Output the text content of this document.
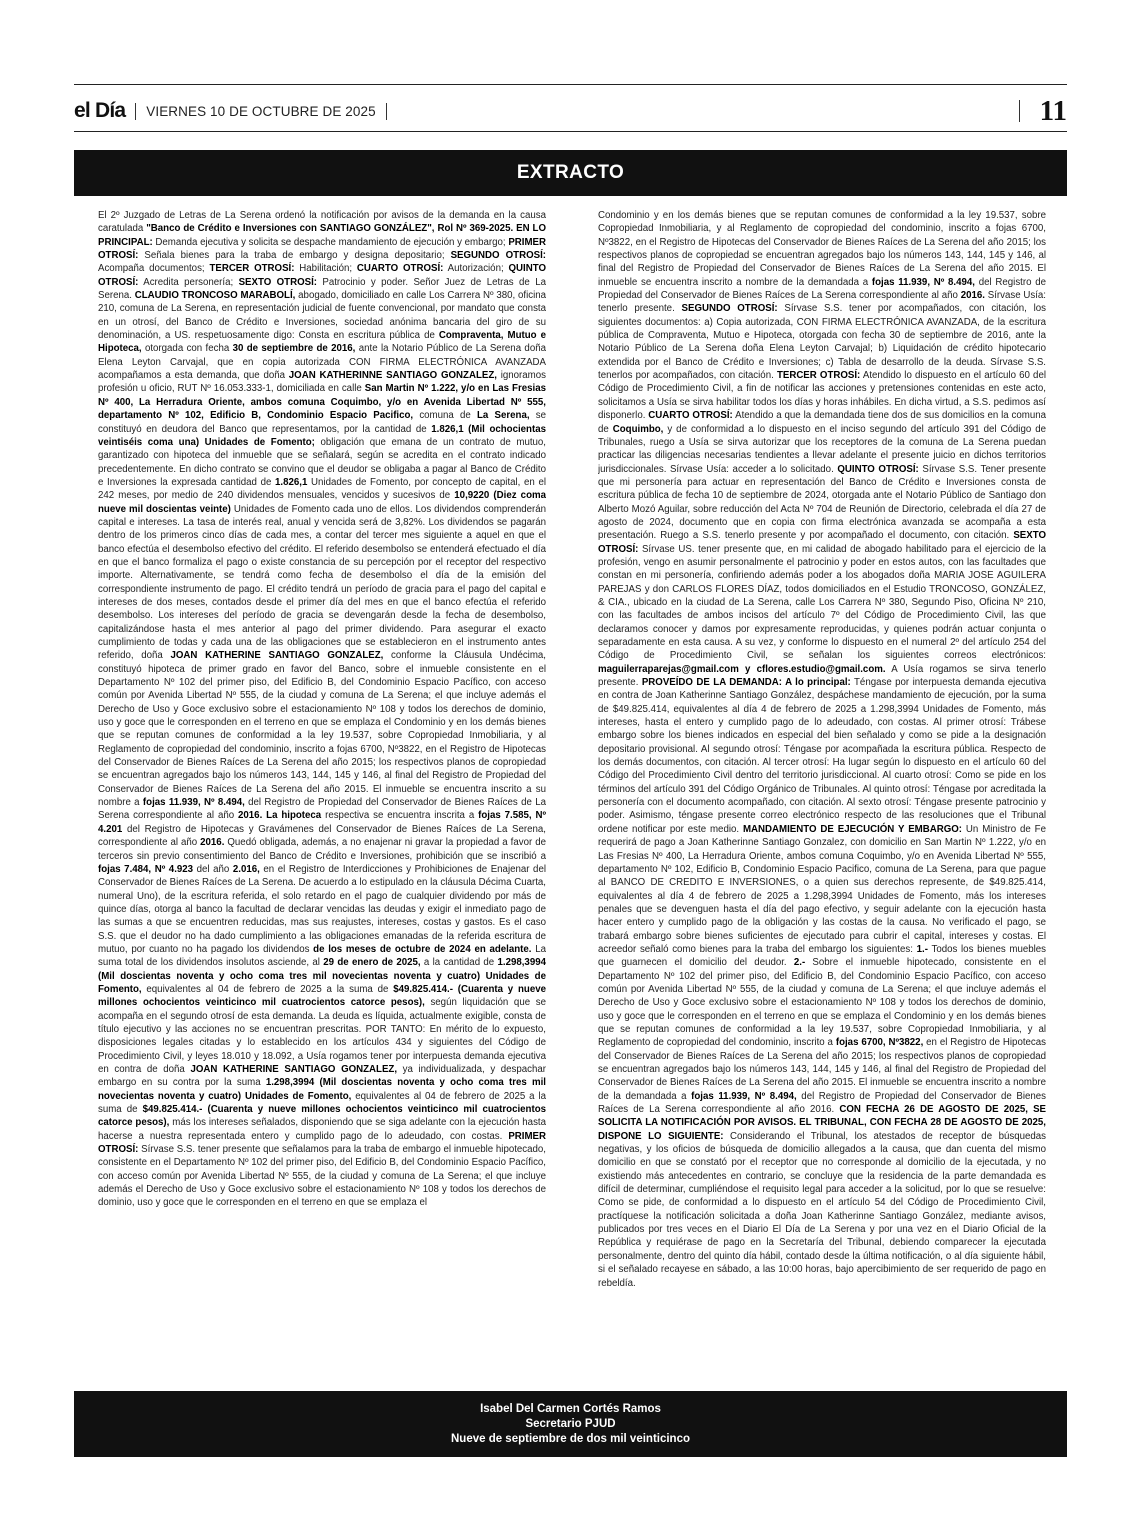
el Día VIERNES 10 DE OCTUBRE DE 2025	11
EXTRACTO

El 2º Juzgado de Letras de La Serena ordenó la notificación por avisos de la demanda en la causa caratulada "Banco de Crédito e Inversiones con SANTIAGO GONZÁLEZ", Rol Nº 369-2025. EN LO PRINCIPAL: Demanda ejecutiva y solicita se despache mandamiento de ejecución y embargo; PRIMER OTROSÍ: Señala bienes para la traba de embargo y designa depositario; SEGUNDO OTROSÍ: Acompaña documentos; TERCER OTROSÍ: Habilitación; CUARTO OTROSÍ: Autorización; QUINTO OTROSÍ: Acredita personería; SEXTO OTROSÍ: Patrocinio y poder. Señor Juez de Letras de La Serena. CLAUDIO TRONCOSO MARABOLÍ, abogado, domiciliado en calle Los Carrera Nº 380, oficina 210, comuna de La Serena, en representación judicial de fuente convencional, por mandato que consta en un otrosí, del Banco de Crédito e Inversiones, sociedad anónima bancaria del giro de su denominación, a US. respetuosamente digo: Consta en escritura pública de Compraventa, Mutuo e Hipoteca, otorgada con fecha 30 de septiembre de 2016, ante la Notario Público de La Serena doña Elena Leyton Carvajal, que en copia autorizada CON FIRMA ELECTRÓNICA AVANZADA acompañamos a esta demanda, que doña JOAN KATHERINNE SANTIAGO GONZALEZ, ignoramos profesión u oficio, RUT Nº 16.053.333-1, domiciliada en calle San Martin Nº 1.222, y/o en Las Fresias Nº 400, La Herradura Oriente, ambos comuna Coquimbo, y/o en Avenida Libertad Nº 555, departamento Nº 102, Edificio B, Condominio Espacio Pacifico, comuna de La Serena, se constituyó en deudora del Banco que representamos, por la cantidad de 1.826,1 (Mil ochocientas veintiséis coma una) Unidades de Fomento; obligación que emana de un contrato de mutuo, garantizado con hipoteca del inmueble que se señalará, según se acredita en el contrato indicado precedentemente. En dicho contrato se convino que el deudor se obligaba a pagar al Banco de Crédito e Inversiones la expresada cantidad de 1.826,1 Unidades de Fomento, por concepto de capital, en el 242 meses, por medio de 240 dividendos mensuales, vencidos y sucesivos de 10,9220 (Diez coma nueve mil doscientas veinte) Unidades de Fomento cada uno de ellos. Los dividendos comprenderán capital e intereses. La tasa de interés real, anual y vencida será de 3,82%. Los dividendos se pagarán dentro de los primeros cinco días de cada mes, a contar del tercer mes siguiente a aquel en que el banco efectúa el desembolso efectivo del crédito. El referido desembolso se entenderá efectuado el día en que el banco formaliza el pago o existe constancia de su percepción por el receptor del respectivo importe. Alternativamente, se tendrá como fecha de desembolso el día de la emisión del correspondiente instrumento de pago. El crédito tendrá un período de gracia para el pago del capital e intereses de dos meses, contados desde el primer día del mes en que el banco efectúa el referido desembolso. Los intereses del período de gracia se devengarán desde la fecha de desembolso, capitalizándose hasta el mes anterior al pago del primer dividendo. Para asegurar el exacto cumplimiento de todas y cada una de las obligaciones que se establecieron en el instrumento antes referido, doña JOAN KATHERINE SANTIAGO GONZALEZ, conforme la Cláusula Undécima, constituyó hipoteca de primer grado en favor del Banco, sobre el inmueble consistente en el Departamento Nº 102 del primer piso, del Edificio B, del Condominio Espacio Pacífico, con acceso común por Avenida Libertad Nº 555, de la ciudad y comuna de La Serena; el que incluye además el Derecho de Uso y Goce exclusivo sobre el estacionamiento Nº 108 y todos los derechos de dominio, uso y goce que le corresponden en el terreno en que se emplaza el Condominio y en los demás bienes que se reputan comunes de conformidad a la ley 19.537, sobre Copropiedad Inmobiliaria, y al Reglamento de copropiedad del condominio, inscrito a fojas 6700, Nº3822, en el Registro de Hipotecas del Conservador de Bienes Raíces de La Serena del año 2015; los respectivos planos de copropiedad se encuentran agregados bajo los números 143, 144, 145 y 146, al final del Registro de Propiedad del Conservador de Bienes Raíces de La Serena del año 2015. El inmueble se encuentra inscrito a su nombre a fojas 11.939, Nº 8.494, del Registro de Propiedad del Conservador de Bienes Raíces de La Serena correspondiente al año 2016. La hipoteca respectiva se encuentra inscrita a fojas 7.585, Nº 4.201 del Registro de Hipotecas y Gravámenes del Conservador de Bienes Raíces de La Serena, correspondiente al año 2016. Quedó obligada, además, a no enajenar ni gravar la propiedad a favor de terceros sin previo consentimiento del Banco de Crédito e Inversiones, prohibición que se inscribió a fojas 7.484, Nº 4.923 del año 2.016, en el Registro de Interdicciones y Prohibiciones de Enajenar del Conservador de Bienes Raíces de La Serena. De acuerdo a lo estipulado en la cláusula Décima Cuarta, numeral Uno), de la escritura referida, el solo retardo en el pago de cualquier dividendo por más de quince días, otorga al banco la facultad de declarar vencidas las deudas y exigir el inmediato pago de las sumas a que se encuentren reducidas, mas sus reajustes, intereses, costas y gastos. Es el caso S.S. que el deudor no ha dado cumplimiento a las obligaciones emanadas de la referida escritura de mutuo, por cuanto no ha pagado los dividendos de los meses de octubre de 2024 en adelante. La suma total de los dividendos insolutos asciende, al 29 de enero de 2025, a la cantidad de 1.298,3994 (Mil doscientas noventa y ocho coma tres mil novecientas noventa y cuatro) Unidades de Fomento, equivalentes al 04 de febrero de 2025 a la suma de $49.825.414.- (Cuarenta y nueve millones ochocientos veinticinco mil cuatrocientos catorce pesos), según liquidación que se acompaña en el segundo otrosí de esta demanda. La deuda es líquida, actualmente exigible, consta de título ejecutivo y las acciones no se encuentran prescritas. POR TANTO: En mérito de lo expuesto, disposiciones legales citadas y lo establecido en los artículos 434 y siguientes del Código de Procedimiento Civil, y leyes 18.010 y 18.092, a Usía rogamos tener por interpuesta demanda ejecutiva en contra de doña JOAN KATHERINE SANTIAGO GONZALEZ, ya individualizada, y despachar embargo en su contra por la suma 1.298,3994 (Mil doscientas noventa y ocho coma tres mil novecientas noventa y cuatro) Unidades de Fomento, equivalentes al 04 de febrero de 2025 a la suma de $49.825.414.- (Cuarenta y nueve millones ochocientos veinticinco mil cuatrocientos catorce pesos), más los intereses señalados, disponiendo que se siga adelante con la ejecución hasta hacerse a nuestra representada entero y cumplido pago de lo adeudado, con costas. PRIMER OTROSÍ: Sírvase S.S. tener presente que señalamos para la traba de embargo el inmueble hipotecado, consistente en el Departamento Nº 102 del primer piso, del Edificio B, del Condominio Espacio Pacífico, con acceso común por Avenida Libertad Nº 555, de la ciudad y comuna de La Serena; el que incluye además el Derecho de Uso y Goce exclusivo sobre el estacionamiento Nº 108 y todos los derechos de dominio, uso y goce que le corresponden en el terreno en que se emplaza el

Condominio y en los demás bienes que se reputan comunes de conformidad a la ley 19.537, sobre Copropiedad Inmobiliaria, y al Reglamento de copropiedad del condominio, inscrito a fojas 6700, Nº3822, en el Registro de Hipotecas del Conservador de Bienes Raíces de La Serena del año 2015; los respectivos planos de copropiedad se encuentran agregados bajo los números 143, 144, 145 y 146, al final del Registro de Propiedad del Conservador de Bienes Raíces de La Serena del año 2015. El inmueble se encuentra inscrito a nombre de la demandada a fojas 11.939, Nº 8.494, del Registro de Propiedad del Conservador de Bienes Raíces de La Serena correspondiente al año 2016. Sírvase Usía: tenerlo presente. SEGUNDO OTROSÍ: Sírvase S.S. tener por acompañados, con citación, los siguientes documentos: a) Copia autorizada, CON FIRMA ELECTRÓNICA AVANZADA, de la escritura pública de Compraventa, Mutuo e Hipoteca, otorgada con fecha 30 de septiembre de 2016, ante la Notario Público de La Serena doña Elena Leyton Carvajal; b) Liquidación de crédito hipotecario extendida por el Banco de Crédito e Inversiones; c) Tabla de desarrollo de la deuda. Sírvase S.S. tenerlos por acompañados, con citación. TERCER OTROSÍ: Atendido lo dispuesto en el artículo 60 del Código de Procedimiento Civil, a fin de notificar las acciones y pretensiones contenidas en este acto, solicitamos a Usía se sirva habilitar todos los días y horas inhábiles. En dicha virtud, a S.S. pedimos así disponerlo. CUARTO OTROSÍ: Atendido a que la demandada tiene dos de sus domicilios en la comuna de Coquimbo, y de conformidad a lo dispuesto en el inciso segundo del artículo 391 del Código de Tribunales, ruego a Usía se sirva autorizar que los receptores de la comuna de La Serena puedan practicar las diligencias necesarias tendientes a llevar adelante el presente juicio en dichos territorios jurisdiccionales. Sírvase Usía: acceder a lo solicitado. QUINTO OTROSÍ: Sírvase S.S. Tener presente que mi personería para actuar en representación del Banco de Crédito e Inversiones consta de escritura pública de fecha 10 de septiembre de 2024, otorgada ante el Notario Público de Santiago don Alberto Mozó Aguilar, sobre reducción del Acta Nº 704 de Reunión de Directorio, celebrada el día 27 de agosto de 2024, documento que en copia con firma electrónica avanzada se acompaña a esta presentación. Ruego a S.S. tenerlo presente y por acompañado el documento, con citación. SEXTO OTROSÍ: Sírvase US. tener presente que, en mi calidad de abogado habilitado para el ejercicio de la profesión, vengo en asumir personalmente el patrocinio y poder en estos autos, con las facultades que constan en mi personería, confiriendo además poder a los abogados doña MARIA JOSE AGUILERA PAREJAS y don CARLOS FLORES DÍAZ, todos domiciliados en el Estudio TRONCOSO, GONZÁLEZ, & CIA., ubicado en la ciudad de La Serena, calle Los Carrera Nº 380, Segundo Piso, Oficina Nº 210, con las facultades de ambos incisos del artículo 7º del Código de Procedimiento Civil, las que declaramos conocer y damos por expresamente reproducidas, y quienes podrán actuar conjunta o separadamente en esta causa. A su vez, y conforme lo dispuesto en el numeral 2º del artículo 254 del Código de Procedimiento Civil, se señalan los siguientes correos electrónicos: maguilerraparejas@gmail.com y cflores.estudio@gmail.com. A Usía rogamos se sirva tenerlo presente. PROVEÍDO DE LA DEMANDA: A lo principal: Téngase por interpuesta demanda ejecutiva en contra de Joan Katherinne Santiago González, despáchese mandamiento de ejecución, por la suma de $49.825.414, equivalentes al día 4 de febrero de 2025 a 1.298,3994 Unidades de Fomento, más intereses, hasta el entero y cumplido pago de lo adeudado, con costas. Al primer otrosí: Trábese embargo sobre los bienes indicados en especial del bien señalado y como se pide a la designación depositario provisional. Al segundo otrosí: Téngase por acompañada la escritura pública. Respecto de los demás documentos, con citación. Al tercer otrosí: Ha lugar según lo dispuesto en el artículo 60 del Código del Procedimiento Civil dentro del territorio jurisdiccional. Al cuarto otrosí: Como se pide en los términos del artículo 391 del Código Orgánico de Tribunales. Al quinto otrosí: Téngase por acreditada la personería con el documento acompañado, con citación. Al sexto otrosí: Téngase presente patrocinio y poder. Asimismo, téngase presente correo electrónico respecto de las resoluciones que el Tribunal ordene notificar por este medio. MANDAMIENTO DE EJECUCIÓN Y EMBARGO: Un Ministro de Fe requerirá de pago a Joan Katherinne Santiago Gonzalez, con domicilio en San Martin Nº 1.222, y/o en Las Fresias Nº 400, La Herradura Oriente, ambos comuna Coquimbo, y/o en Avenida Libertad Nº 555, departamento Nº 102, Edificio B, Condominio Espacio Pacifico, comuna de La Serena, para que pague al BANCO DE CREDITO E INVERSIONES, o a quien sus derechos represente, de $49.825.414, equivalentes al día 4 de febrero de 2025 a 1.298,3994 Unidades de Fomento, más los intereses penales que se devenguen hasta el día del pago efectivo, y seguir adelante con la ejecución hasta hacer entero y cumplido pago de la obligación y las costas de la causa. No verificado el pago, se trabará embargo sobre bienes suficientes de ejecutado para cubrir el capital, intereses y costas. El acreedor señaló como bienes para la traba del embargo los siguientes: 1.- Todos los bienes muebles que guarnecen el domicilio del deudor. 2.- Sobre el inmueble hipotecado, consistente en el Departamento Nº 102 del primer piso, del Edificio B, del Condominio Espacio Pacífico, con acceso común por Avenida Libertad Nº 555, de la ciudad y comuna de La Serena; el que incluye además el Derecho de Uso y Goce exclusivo sobre el estacionamiento Nº 108 y todos los derechos de dominio, uso y goce que le corresponden en el terreno en que se emplaza el Condominio y en los demás bienes que se reputan comunes de conformidad a la ley 19.537, sobre Copropiedad Inmobiliaria, y al Reglamento de copropiedad del condominio, inscrito a fojas 6700, Nº3822, en el Registro de Hipotecas del Conservador de Bienes Raíces de La Serena del año 2015; los respectivos planos de copropiedad se encuentran agregados bajo los números 143, 144, 145 y 146, al final del Registro de Propiedad del Conservador de Bienes Raíces de La Serena del año 2015. El inmueble se encuentra inscrito a nombre de la demandada a fojas 11.939, Nº 8.494, del Registro de Propiedad del Conservador de Bienes Raíces de La Serena correspondiente al año 2016. CON FECHA 26 DE AGOSTO DE 2025, SE SOLICITA LA NOTIFICACIÓN POR AVISOS. EL TRIBUNAL, CON FECHA 28 DE AGOSTO DE 2025, DISPONE LO SIGUIENTE: Considerando el Tribunal, los atestados de receptor de búsquedas negativas, y los oficios de búsqueda de domicilio allegados a la causa, que dan cuenta del mismo domicilio en que se constató por el receptor que no corresponde al domicilio de la ejecutada, y no existiendo más antecedentes en contrario, se concluye que la residencia de la parte demandada es difícil de determinar, cumpliéndose el requisito legal para acceder a la solicitud, por lo que se resuelve: Como se pide, de conformidad a lo dispuesto en el artículo 54 del Código de Procedimiento Civil, practíquese la notificación solicitada a doña Joan Katherinne Santiago González, mediante avisos, publicados por tres veces en el Diario El Día de La Serena y por una vez en el Diario Oficial de la República y requiérase de pago en la Secretaría del Tribunal, debiendo comparecer la ejecutada personalmente, dentro del quinto día hábil, contado desde la última notificación, o al día siguiente hábil, si el señalado recayese en sábado, a las 10:00 horas, bajo apercibimiento de ser requerido de pago en rebeldía.

Isabel Del Carmen Cortés Ramos
Secretario PJUD
Nueve de septiembre de dos mil veinticinco
